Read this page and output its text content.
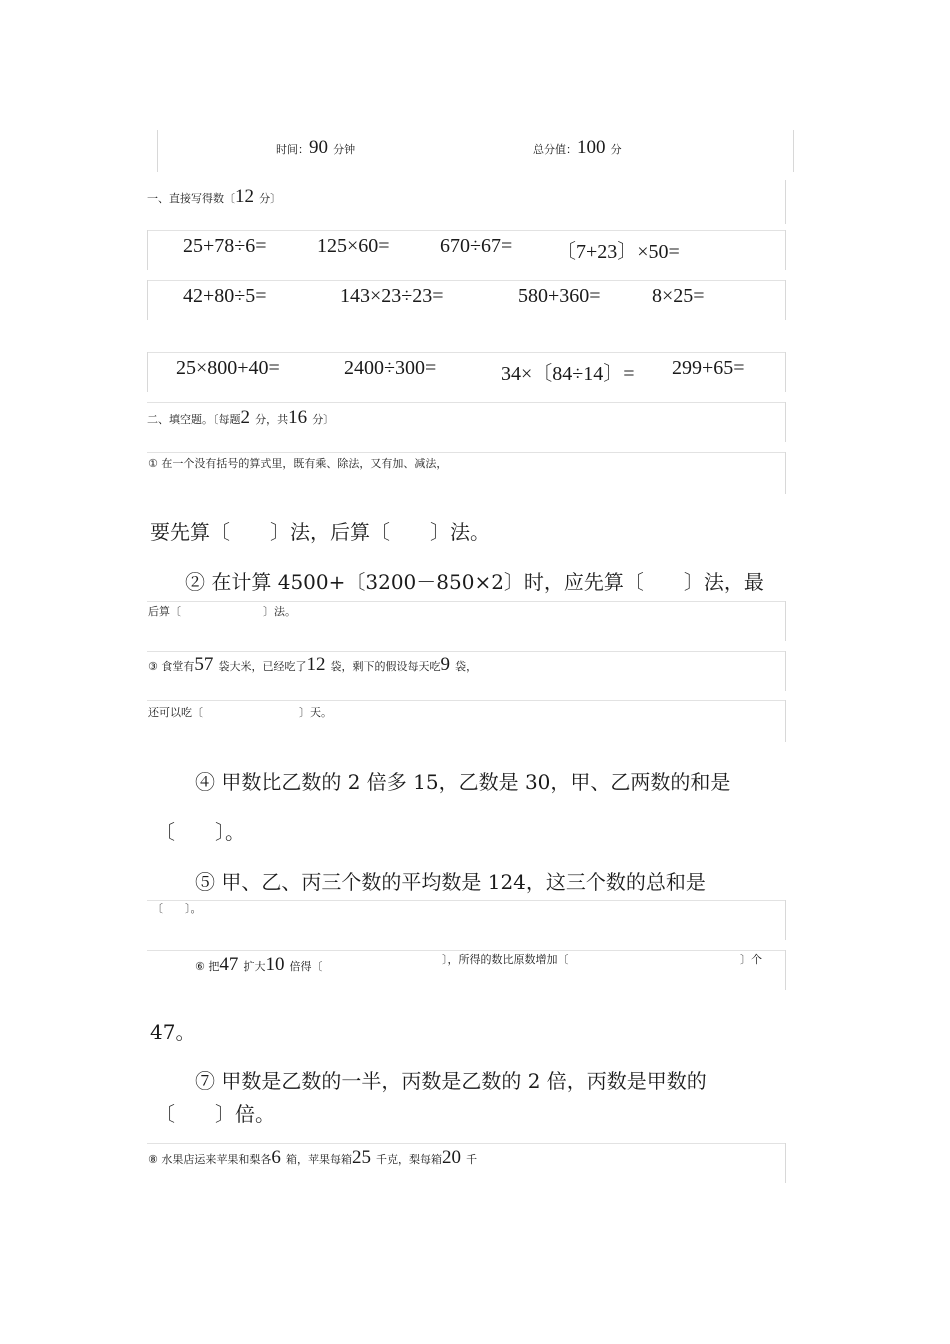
时间：90 分钟	总分值：100 分
一、直接写得数〔12 分〕
25+78÷6=	125×60=	670÷67= 〔7+23〕×50=
42+80÷5=	143×23÷23=	580+360=	8×25=
25×800+40=	2400÷300=	34×〔84÷14〕= 299+65=
二、填空题。〔每题2 分，共16 分〕
① 在一个没有括号的算式里，既有乘、除法，又有加、减法，
要先算〔　　〕法，后算〔　　〕法。
② 在计算 4500+〔3200－850×2〕时，应先算〔　　〕法，最
后算〔	〕法。
③ 食堂有57 袋大米，已经吃了12 袋，剩下的假设每天吃9 袋，
还可以吃〔	〕天。
④ 甲数比乙数的 2 倍多 15，乙数是 30，甲、乙两数的和是
〔　　〕。
⑤ 甲、乙、丙三个数的平均数是 124，这三个数的总和是
〔　　〕。
⑥ 把47 扩大10 倍得〔
〕，所得的数比原数增加〔	〕个
47。
⑦ 甲数是乙数的一半，丙数是乙数的 2 倍，丙数是甲数的
〔　　〕倍。
⑧ 水果店运来苹果和梨各6 箱，苹果每箱25 千克，梨每箱20 千
